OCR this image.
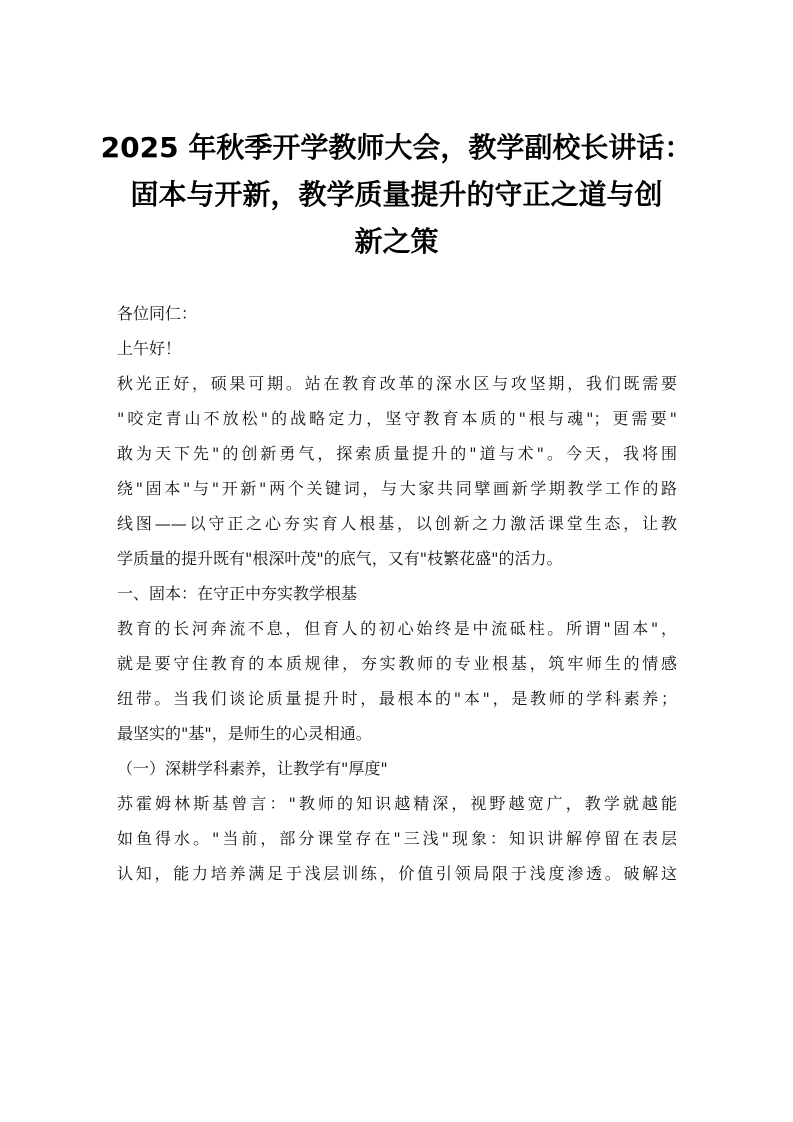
2025 年秋季开学教师大会，教学副校长讲话：
固本与开新，教学质量提升的守正之道与创
新之策
各位同仁：
上午好！
秋光正好，硕果可期。站在教育改革的深水区与攻坚期，我们既需要
"咬定青山不放松"的战略定力，坚守教育本质的"根与魂"；更需要"
敢为天下先"的创新勇气，探索质量提升的"道与术"。今天，我将围
绕"固本"与"开新"两个关键词，与大家共同擘画新学期教学工作的路
线图——以守正之心夯实育人根基，以创新之力激活课堂生态，让教
学质量的提升既有"根深叶茂"的底气，又有"枝繁花盛"的活力。
一、固本：在守正中夯实教学根基
教育的长河奔流不息，但育人的初心始终是中流砥柱。所谓"固本"，
就是要守住教育的本质规律，夯实教师的专业根基，筑牢师生的情感
纽带。当我们谈论质量提升时，最根本的"本"，是教师的学科素养；
最坚实的"基"，是师生的心灵相通。
（一）深耕学科素养，让教学有"厚度"
苏霍姆林斯基曾言："教师的知识越精深，视野越宽广，教学就越能
如鱼得水。"当前，部分课堂存在"三浅"现象：知识讲解停留在表层
认知，能力培养满足于浅层训练，价值引领局限于浅度渗透。破解这
